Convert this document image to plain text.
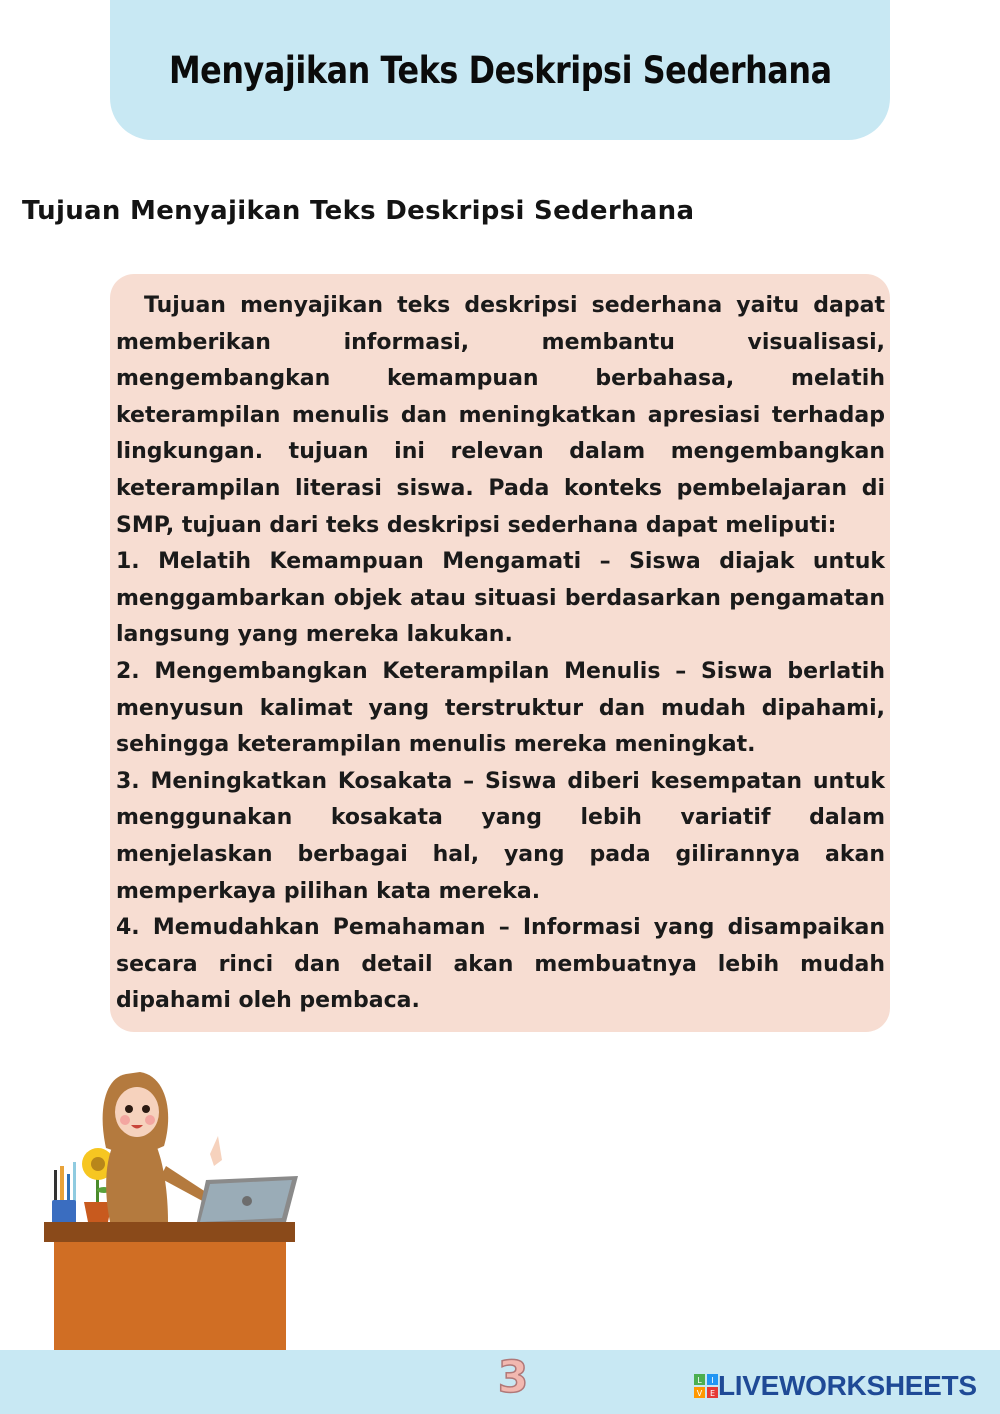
Menyajikan Teks Deskripsi Sederhana
Tujuan Menyajikan Teks Deskripsi Sederhana

Tujuan menyajikan teks deskripsi sederhana yaitu dapat memberikan informasi, membantu visualisasi, mengembangkan kemampuan berbahasa, melatih keterampilan menulis dan meningkatkan apresiasi terhadap lingkungan. tujuan ini relevan dalam mengembangkan keterampilan literasi siswa. Pada konteks pembelajaran di SMP, tujuan dari teks deskripsi sederhana dapat meliputi:

1. Melatih Kemampuan Mengamati – Siswa diajak untuk menggambarkan objek atau situasi berdasarkan pengamatan langsung yang mereka lakukan.

2. Mengembangkan Keterampilan Menulis – Siswa berlatih menyusun kalimat yang terstruktur dan mudah dipahami, sehingga keterampilan menulis mereka meningkat.

3. Meningkatkan Kosakata – Siswa diberi kesempatan untuk menggunakan kosakata yang lebih variatif dalam menjelaskan berbagai hal, yang pada gilirannya akan memperkaya pilihan kata mereka.

4. Memudahkan Pemahaman – Informasi yang disampaikan secara rinci dan detail akan membuatnya lebih mudah dipahami oleh pembaca.

3	L I
V E LIVEWORKSHEETS
